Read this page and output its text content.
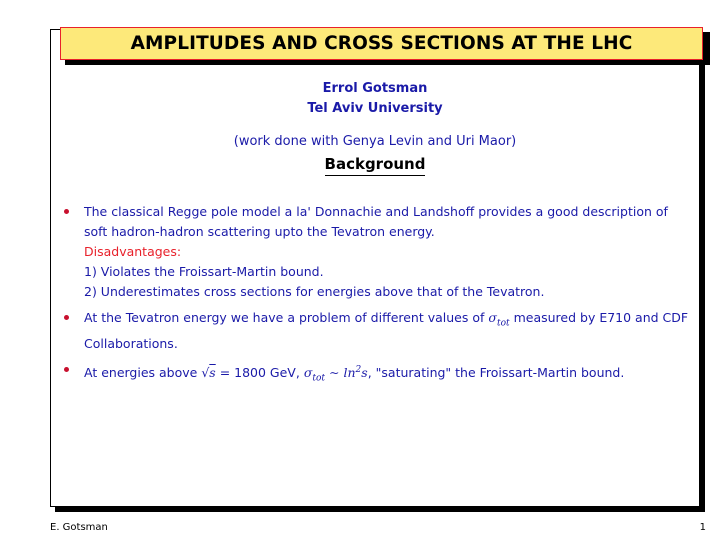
AMPLITUDES AND CROSS SECTIONS AT THE LHC
Errol Gotsman
Tel Aviv University
(work done with Genya Levin and Uri Maor)
Background
The classical Regge pole model a la' Donnachie and Landshoff provides a good description of soft hadron-hadron scattering upto the Tevatron energy.
Disadvantages:
1) Violates the Froissart-Martin bound.
2) Underestimates cross sections for energies above that of the Tevatron.
At the Tevatron energy we have a problem of different values of $\sigma_{tot}$ measured by E710 and CDF Collaborations.
At energies above √s = 1800 GeV, $\sigma_{tot}$ ∼ $\ln^2s$, "saturating" the Froissart-Martin bound.
E. Gotsman	1
